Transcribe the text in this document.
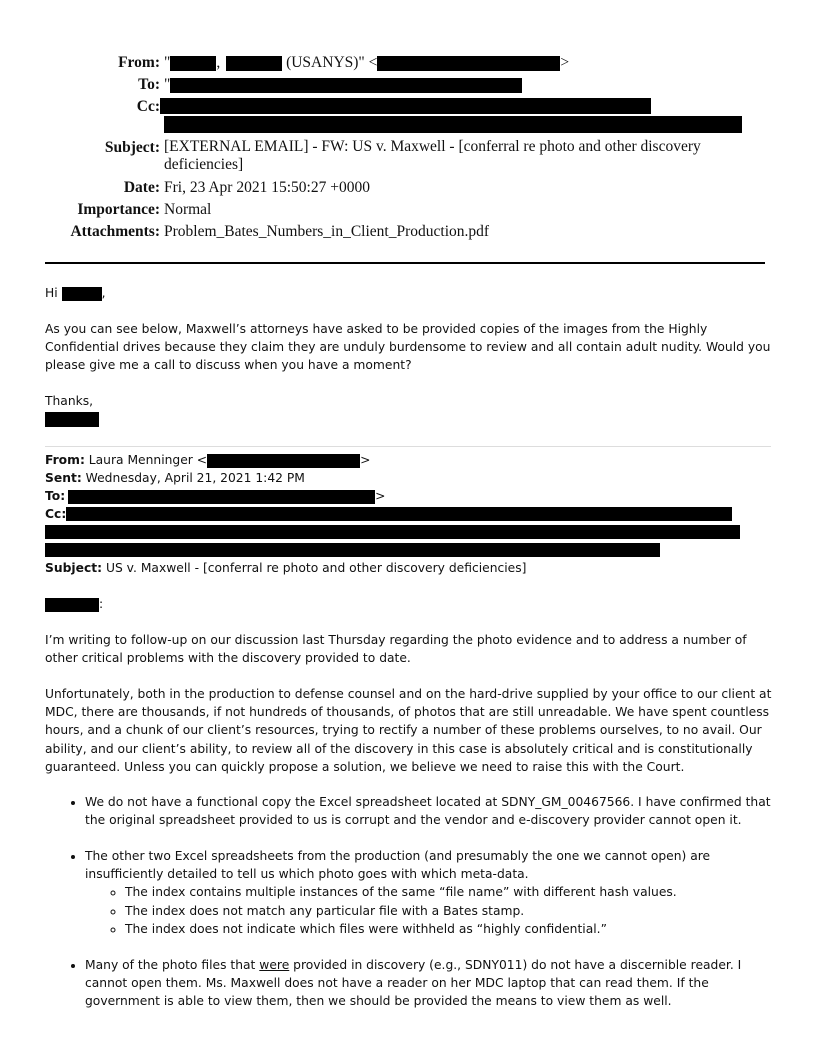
From: "	,	(USANYS)" <	>
To: "
Cc:
Subject: [EXTERNAL EMAIL] - FW: US v. Maxwell - [conferral re photo and other discovery deficiencies]
Date: Fri, 23 Apr 2021 15:50:27 +0000
Importance: Normal
Attachments: Problem_Bates_Numbers_in_Client_Production.pdf
Hi	,
As you can see below, Maxwell’s attorneys have asked to be provided copies of the images from the Highly Confidential drives because they claim they are unduly burdensome to review and all contain adult nudity. Would you please give me a call to discuss when you have a moment?
Thanks,
From: Laura Menninger <	>
Sent: Wednesday, April 21, 2021 1:42 PM
To:	>
Cc:
Subject: US v. Maxwell - [conferral re photo and other discovery deficiencies]
:
I’m writing to follow-up on our discussion last Thursday regarding the photo evidence and to address a number of other critical problems with the discovery provided to date.
Unfortunately, both in the production to defense counsel and on the hard-drive supplied by your office to our client at MDC, there are thousands, if not hundreds of thousands, of photos that are still unreadable. We have spent countless hours, and a chunk of our client’s resources, trying to rectify a number of these problems ourselves, to no avail. Our ability, and our client’s ability, to review all of the discovery in this case is absolutely critical and is constitutionally guaranteed. Unless you can quickly propose a solution, we believe we need to raise this with the Court.
• We do not have a functional copy the Excel spreadsheet located at SDNY_GM_00467566. I have confirmed that the original spreadsheet provided to us is corrupt and the vendor and e-discovery provider cannot open it.
• The other two Excel spreadsheets from the production (and presumably the one we cannot open) are insufficiently detailed to tell us which photo goes with which meta-data.
◦ The index contains multiple instances of the same “file name” with different hash values.
◦ The index does not match any particular file with a Bates stamp.
◦ The index does not indicate which files were withheld as “highly confidential.”
• Many of the photo files that were provided in discovery (e.g., SDNY011) do not have a discernible reader. I cannot open them. Ms. Maxwell does not have a reader on her MDC laptop that can read them. If the government is able to view them, then we should be provided the means to view them as well.
